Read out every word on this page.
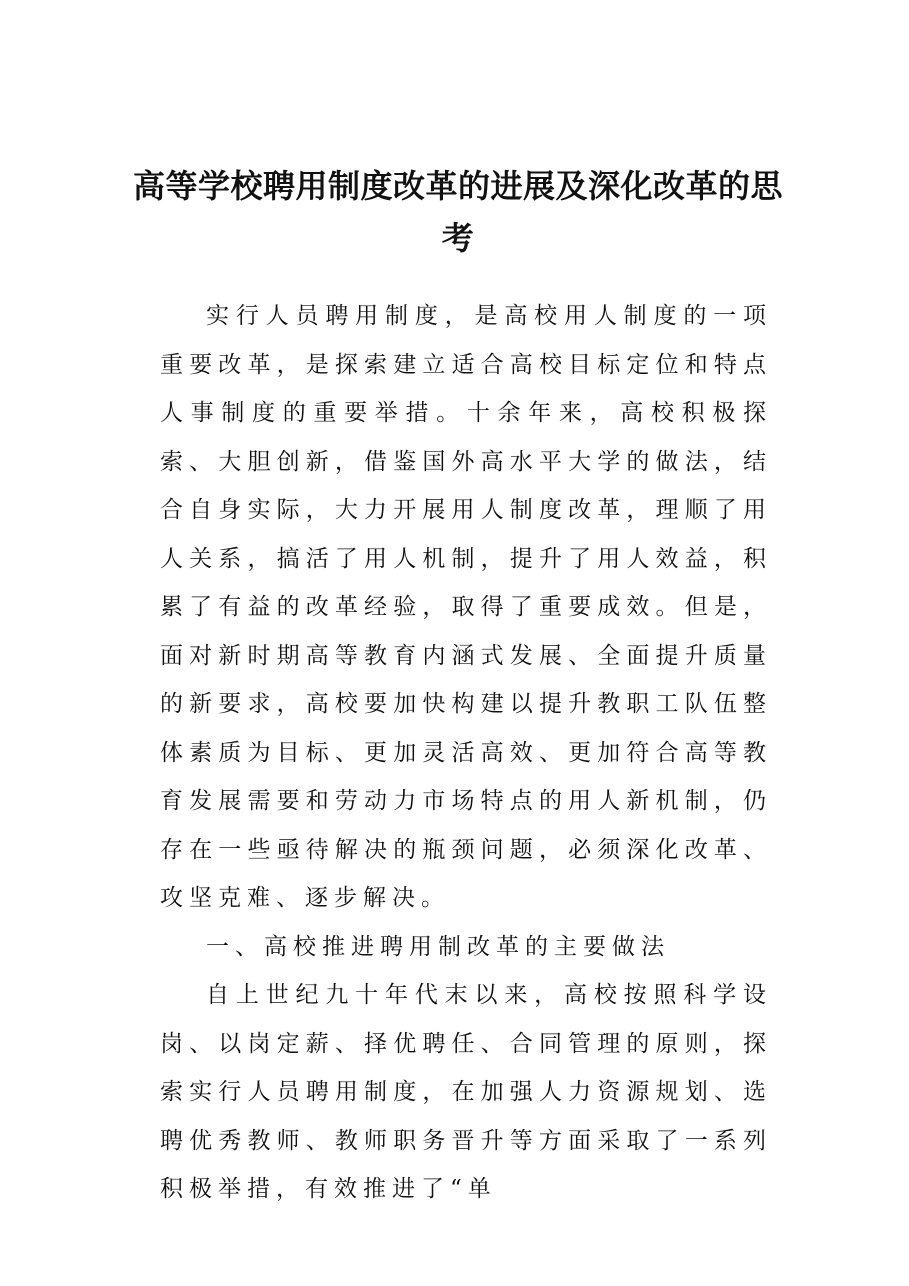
高等学校聘用制度改革的进展及深化改革的思考

实行人员聘用制度，是高校用人制度的一项重要改革，是探索建立适合高校目标定位和特点人事制度的重要举措。十余年来，高校积极探索、大胆创新，借鉴国外高水平大学的做法，结合自身实际，大力开展用人制度改革，理顺了用人关系，搞活了用人机制，提升了用人效益，积累了有益的改革经验，取得了重要成效。但是，面对新时期高等教育内涵式发展、全面提升质量的新要求，高校要加快构建以提升教职工队伍整体素质为目标、更加灵活高效、更加符合高等教育发展需要和劳动力市场特点的用人新机制，仍存在一些亟待解决的瓶颈问题，必须深化改革、攻坚克难、逐步解决。

一、高校推进聘用制改革的主要做法

自上世纪九十年代末以来，高校按照科学设岗、以岗定薪、择优聘任、合同管理的原则，探索实行人员聘用制度，在加强人力资源规划、选聘优秀教师、教师职务晋升等方面采取了一系列积极举措，有效推进了“单
